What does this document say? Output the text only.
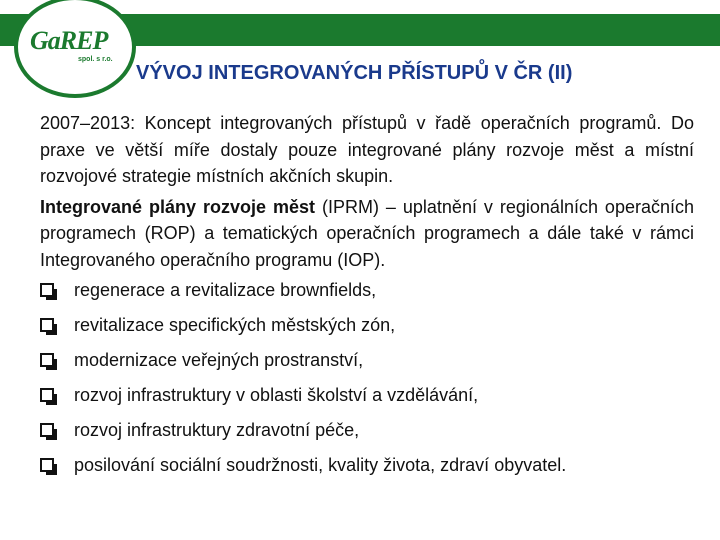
GaREP
spol. s r.o.
VÝVOJ INTEGROVANÝCH PŘÍSTUPŮ V ČR (II)

2007–2013: Koncept integrovaných přístupů v řadě operačních programů. Do praxe ve větší míře dostaly pouze integrované plány rozvoje měst a místní rozvojové strategie místních akčních skupin.

Integrované plány rozvoje měst (IPRM) – uplatnění v regionálních operačních programech (ROP) a tematických operačních programech a dále také v rámci Integrovaného operačního programu (IOP).

regenerace a revitalizace brownfields,
revitalizace specifických městských zón,
modernizace veřejných prostranství,
rozvoj infrastruktury v oblasti školství a vzdělávání,
rozvoj infrastruktury zdravotní péče,
posilování sociální soudržnosti, kvality života, zdraví obyvatel.
